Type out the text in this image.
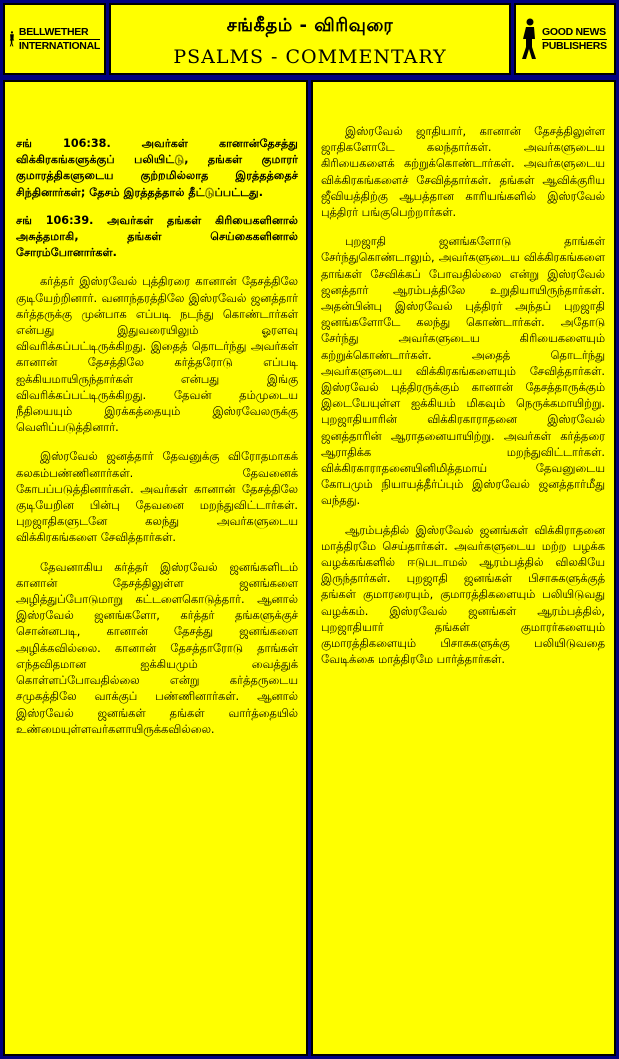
BELLWETHER
INTERNATIONAL
சங்கீதம் - விரிவுரை
PSALMS - COMMENTARY
GOOD NEWS
PUBLISHERS

சங் 106:38. அவர்கள் கானான்தேசத்து விக்கிரகங்களுக்குப் பலியிட்டு, தங்கள் குமாரர் குமாரத்திகளுடைய குற்றமில்லாத இரத்தத்தைச் சிந்தினார்கள்; தேசம் இரத்தத்தால் தீட்டுப்பட்டது.

சங் 106:39. அவர்கள் தங்கள் கிரியைகளினால் அசுத்தமாகி, தங்கள் செய்கைகளினால் சோரம்போனார்கள்.

கர்த்தர் இஸ்ரவேல் புத்திரரை கானான் தேசத்திலே குடியேற்றினார். வனாந்தரத்திலே இஸ்ரவேல் ஜனத்தார் கர்த்தருக்கு முன்பாக எப்படி நடந்து கொண்டார்கள் என்பது இதுவரையிலும் ஓரளவு விவரிக்கப்பட்டிருக்கிறது. இதைத் தொடர்ந்து அவர்கள் கானான் தேசத்திலே கர்த்தரோடு எப்படி ஐக்கியமாயிருந்தார்கள் என்பது இங்கு விவரிக்கப்பட்டிருக்கிறது. தேவன் தம்முடைய நீதியையும் இரக்கத்தையும் இஸ்ரவேலருக்கு வெளிப்படுத்தினார்.

இஸ்ரவேல் ஜனத்தார் தேவனுக்கு விரோதமாகக் கலகம்பண்ணினார்கள். தேவனைக் கோபப்படுத்தினார்கள். அவர்கள் கானான் தேசத்திலே குடியேறின பின்பு தேவனை மறந்துவிட்டார்கள். புறஜாதிகளுடனே கலந்து அவர்களுடைய விக்கிரகங்களை சேவித்தார்கள்.

தேவனாகிய கர்த்தர் இஸ்ரவேல் ஜனங்களிடம் கானான் தேசத்திலுள்ள ஜனங்களை அழித்துப்போடுமாறு கட்டளைகொடுத்தார். ஆனால் இஸ்ரவேல் ஜனங்களோ, கர்த்தர் தங்களுக்குச் சொன்னபடி, கானான் தேசத்து ஜனங்களை அழிக்கவில்லை. கானான் தேசத்தாரோடு தாங்கள் எந்தவிதமான ஐக்கியமும் வைத்துக் கொள்ளப்போவதில்லை என்று கர்த்தருடைய சமுகத்திலே வாக்குப் பண்ணினார்கள். ஆனால் இஸ்ரவேல் ஜனங்கள் தங்கள் வார்த்தையில் உண்மையுள்ளவர்களாயிருக்கவில்லை.

இஸ்ரவேல் ஜாதியார், கானான் தேசத்திலுள்ள ஜாதிகளோடே கலந்தார்கள். அவர்களுடைய கிரியைகளைக் கற்றுக்கொண்டார்கள். அவர்களுடைய விக்கிரகங்களைச் சேவித்தார்கள். தங்கள் ஆவிக்குரிய ஜீவியத்திற்கு ஆபத்தான காரியங்களில் இஸ்ரவேல் புத்திரர் பங்குபெற்றார்கள்.

புறஜாதி ஜனங்களோடு தாங்கள் சேர்ந்துகொண்டாலும், அவர்களுடைய விக்கிரகங்களை தாங்கள் சேவிக்கப் போவதில்லை என்று இஸ்ரவேல் ஜனத்தார் ஆரம்பத்திலே உறுதியாயிருந்தார்கள். அதன்பின்பு இஸ்ரவேல் புத்திரர் அந்தப் புறஜாதி ஜனங்களோடே கலந்து கொண்டார்கள். அதோடு சேர்ந்து அவர்களுடைய கிரியைகளையும் கற்றுக்கொண்டார்கள். அதைத் தொடர்ந்து அவர்களுடைய விக்கிரகங்களையும் சேவித்தார்கள். இஸ்ரவேல் புத்திரருக்கும் கானான் தேசத்தாருக்கும் இடையேயுள்ள ஐக்கியம் மிகவும் நெருக்கமாயிற்று. புறஜாதியாரின் விக்கிரகாராதனை இஸ்ரவேல் ஜனத்தாரின் ஆராதனையாயிற்று. அவர்கள் கர்த்தரை ஆராதிக்க மறந்துவிட்டார்கள். விக்கிரகாராதனையினிமித்தமாய் தேவனுடைய கோபமும் நியாயத்தீர்ப்பும் இஸ்ரவேல் ஜனத்தார்மீது வந்தது.

ஆரம்பத்தில் இஸ்ரவேல் ஜனங்கள் விக்கிராதனை மாத்திரமே செய்தார்கள். அவர்களுடைய மற்ற பழக்க வழக்கங்களில் ஈடுபடாமல் ஆரம்பத்தில் விலகியே இருந்தார்கள். புறஜாதி ஜனங்கள் பிசாசுகளுக்குத் தங்கள் குமாரரையும், குமாரத்திகளையும் பலியிடுவது வழக்கம். இஸ்ரவேல் ஜனங்கள் ஆரம்பத்தில், புறஜாதியார் தங்கள் குமாரர்களையும் குமாரத்திகளையும் பிசாசுகளுக்கு பலியிடுவதை வேடிக்கை மாத்திரமே பார்த்தார்கள்.
